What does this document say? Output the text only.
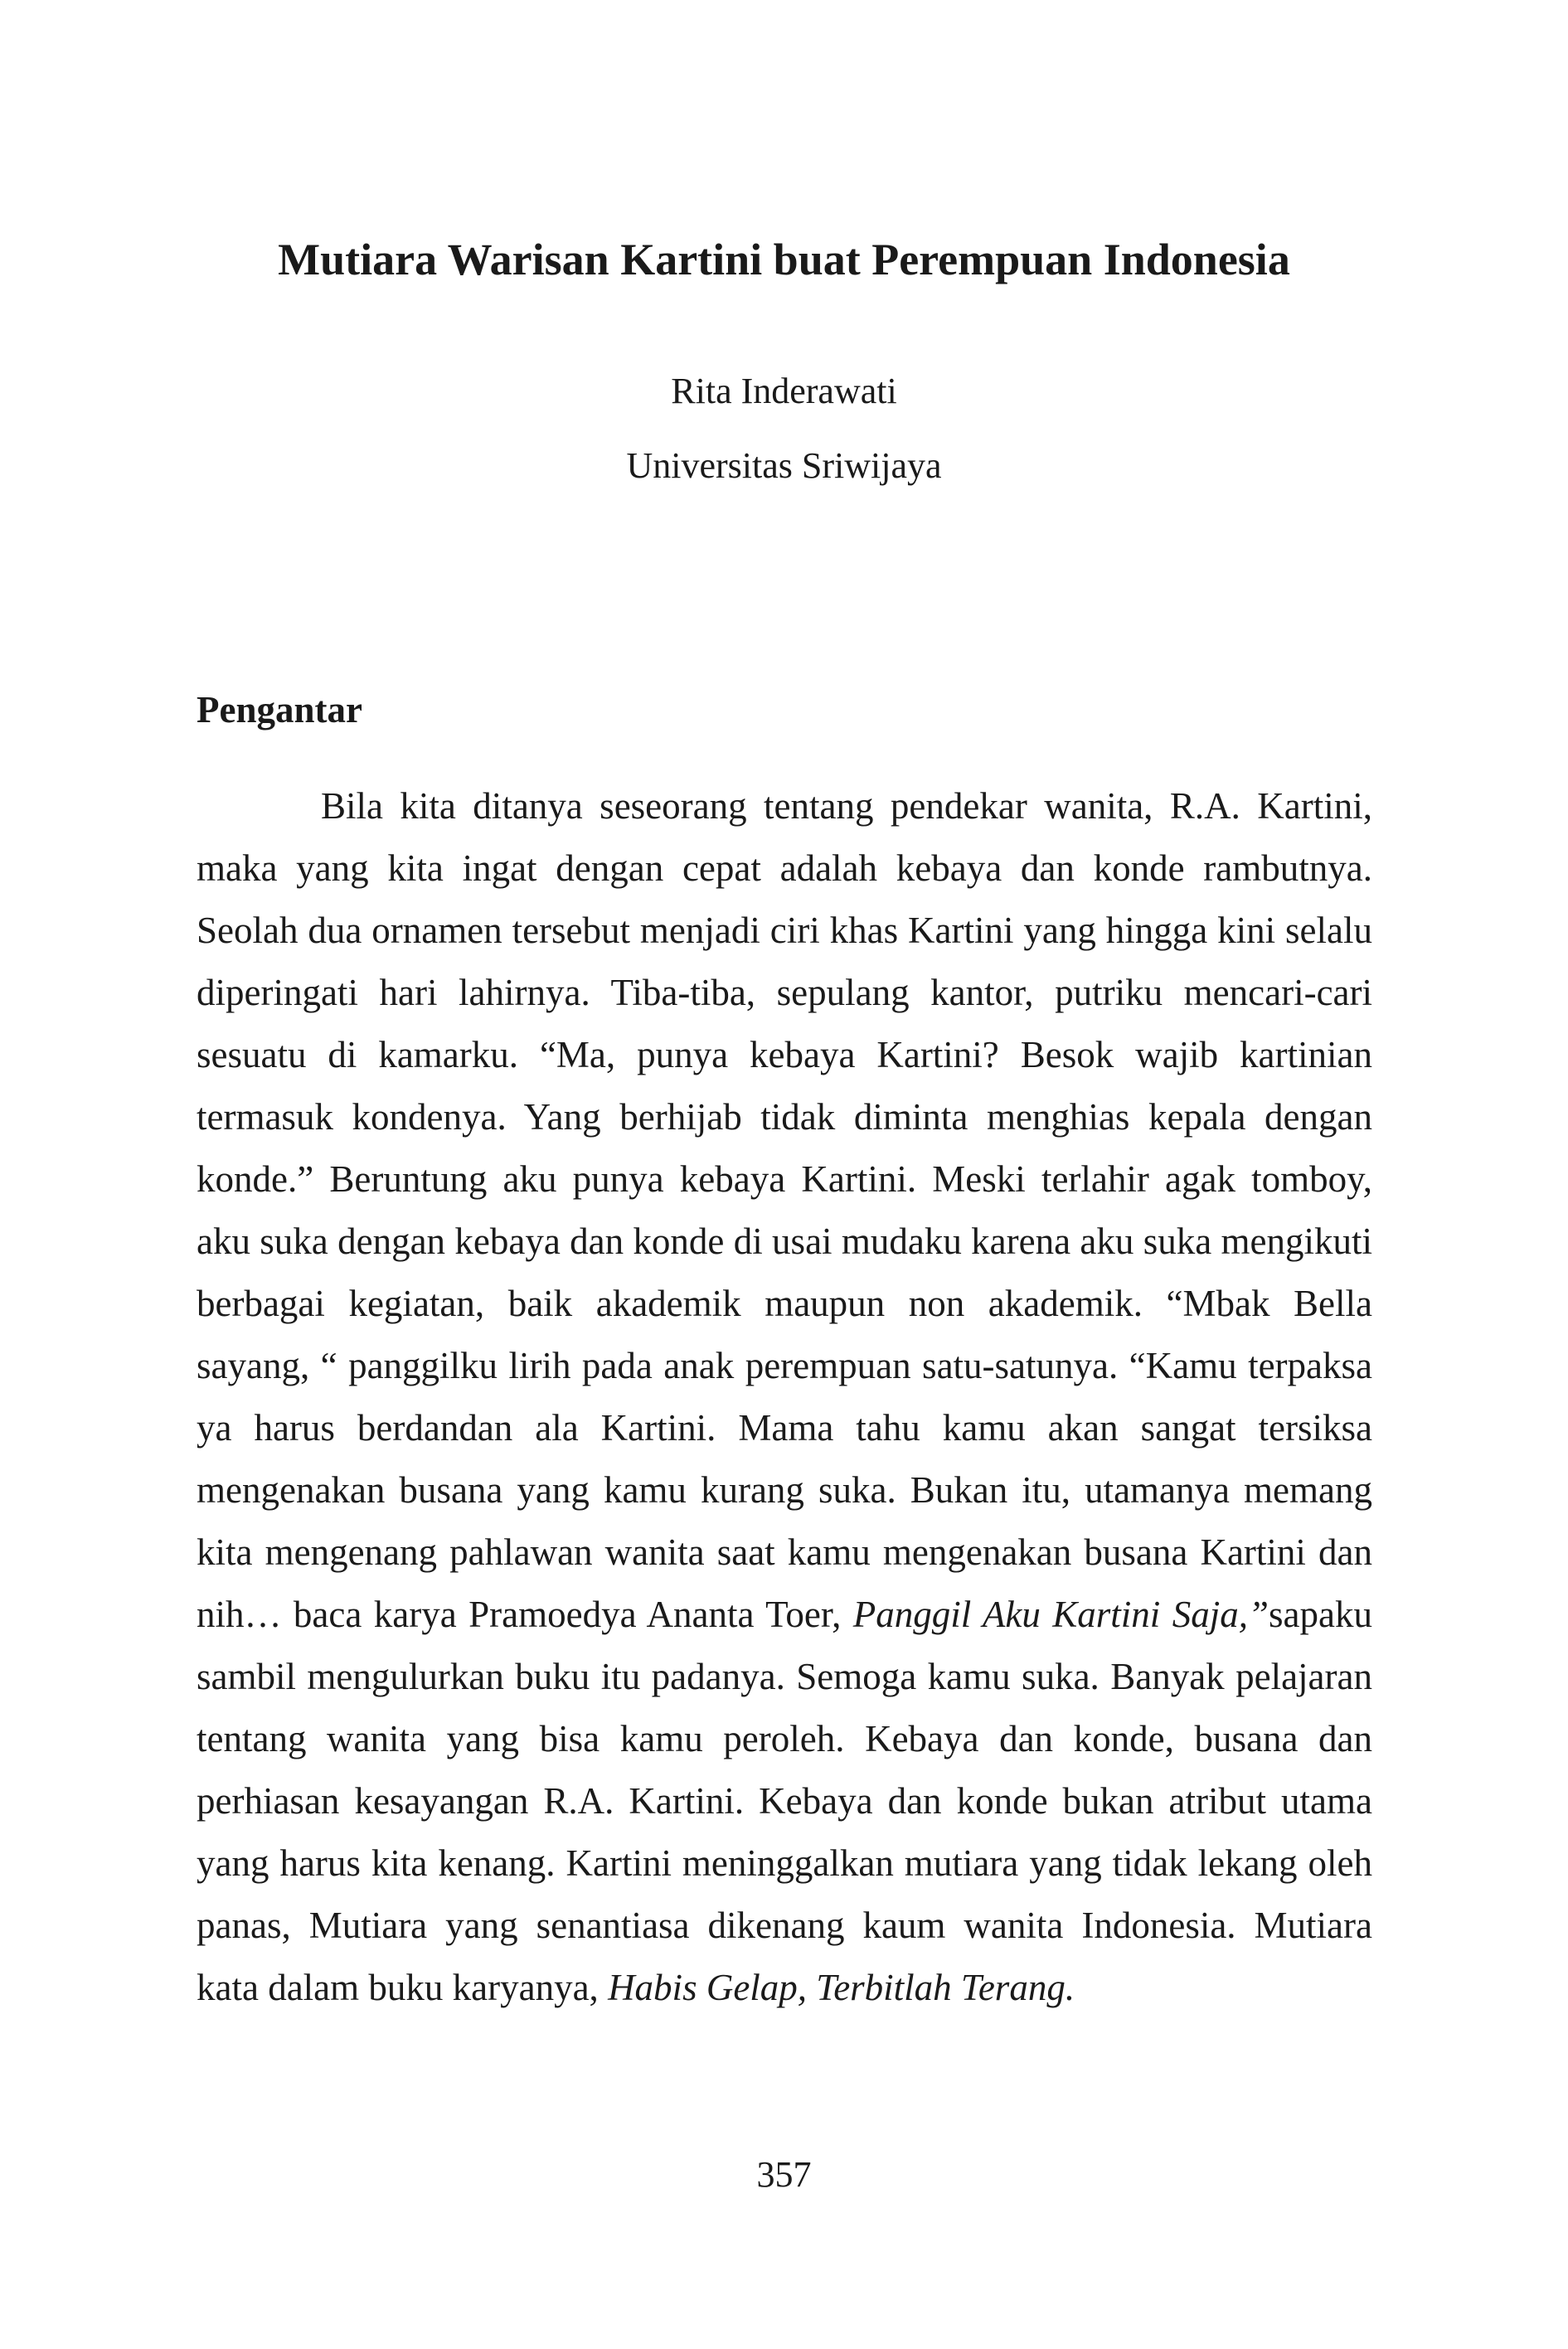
Mutiara Warisan Kartini buat Perempuan Indonesia

Rita Inderawati

Universitas Sriwijaya

Pengantar

Bila kita ditanya seseorang tentang pendekar wanita, R.A. Kartini, maka yang kita ingat dengan cepat adalah kebaya dan konde rambutnya. Seolah dua ornamen tersebut menjadi ciri khas Kartini yang hingga kini selalu diperingati hari lahirnya. Tiba-tiba, sepulang kantor, putriku mencari-cari sesuatu di kamarku. “Ma, punya kebaya Kartini? Besok wajib kartinian termasuk kondenya. Yang berhijab tidak diminta menghias kepala dengan konde.” Beruntung aku punya kebaya Kartini. Meski terlahir agak tomboy, aku suka dengan kebaya dan konde di usai mudaku karena aku suka mengikuti berbagai kegiatan, baik akademik maupun non akademik. “Mbak Bella sayang, “ panggilku lirih pada anak perempuan satu-satunya. “Kamu terpaksa ya harus berdandan ala Kartini. Mama tahu kamu akan sangat tersiksa mengenakan busana yang kamu kurang suka. Bukan itu, utamanya memang kita mengenang pahlawan wanita saat kamu mengenakan busana Kartini dan nih… baca karya Pramoedya Ananta Toer, Panggil Aku Kartini Saja,”sapaku sambil mengulurkan buku itu padanya. Semoga kamu suka. Banyak pelajaran tentang wanita yang bisa kamu peroleh. Kebaya dan konde, busana dan perhiasan kesayangan R.A. Kartini. Kebaya dan konde bukan atribut utama yang harus kita kenang. Kartini meninggalkan mutiara yang tidak lekang oleh panas, Mutiara yang senantiasa dikenang kaum wanita Indonesia. Mutiara kata dalam buku karyanya, Habis Gelap, Terbitlah Terang.

357
